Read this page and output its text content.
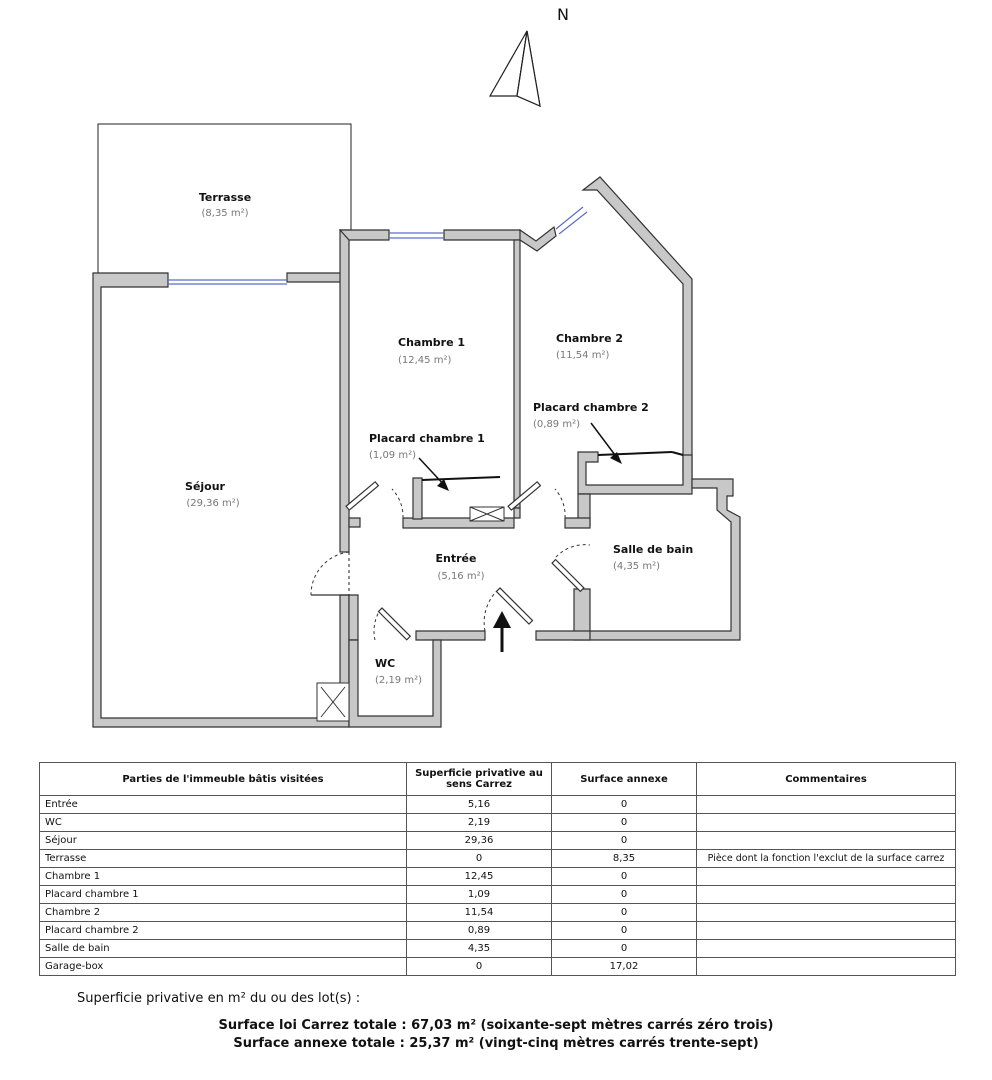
N
Terrasse
(8,35 m²)
Chambre 1
(12,45 m²)
Chambre 2
(11,54 m²)
Placard chambre 2
(0,89 m²)
Placard chambre 1
(1,09 m²)
Séjour
(29,36 m²)
Entrée
(5,16 m²)
Salle de bain
(4,35 m²)
WC
(2,19 m²)
Parties de l'immeuble bâtis visitées	Superficie privative au sens Carrez	Surface annexe	Commentaires
Entrée	5,16	0	
WC	2,19	0	
Séjour	29,36	0	
Terrasse	0	8,35	Pièce dont la fonction l'exclut de la surface carrez
Chambre 1	12,45	0	
Placard chambre 1	1,09	0	
Chambre 2	11,54	0	
Placard chambre 2	0,89	0	
Salle de bain	4,35	0	
Garage-box	0	17,02	
Superficie privative en m² du ou des lot(s) :
Surface loi Carrez totale : 67,03 m² (soixante-sept mètres carrés zéro trois)
Surface annexe totale : 25,37 m² (vingt-cinq mètres carrés trente-sept)
